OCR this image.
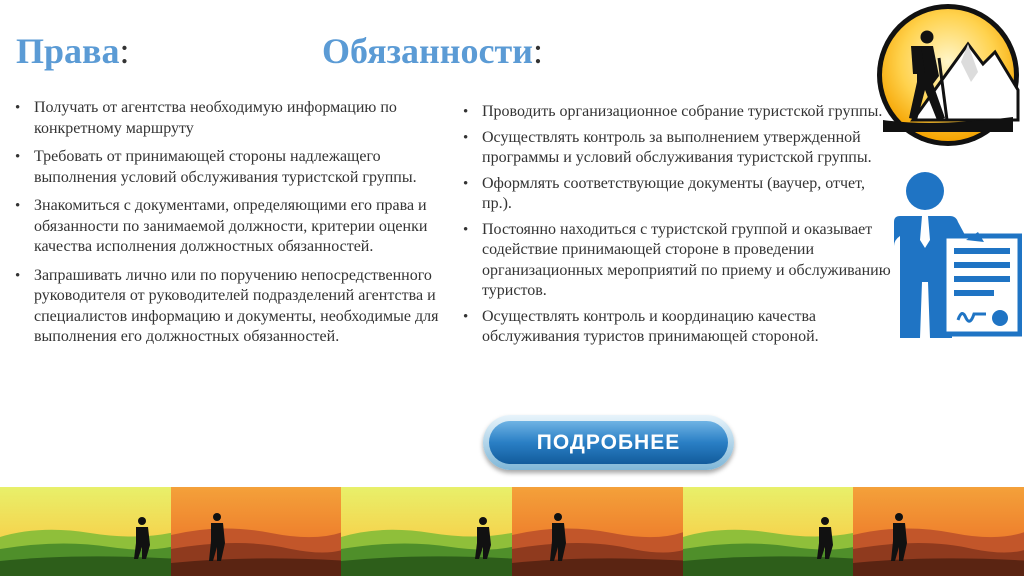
Права:	Обязанности:
• Получать от агентства необходимую информацию по конкретному маршруту
• Требовать от принимающей стороны надлежащего выполнения условий обслуживания туристской группы.
• Знакомиться с документами, определяющими его права и обязанности по занимаемой должности, критерии оценки качества исполнения должностных обязанностей.
• Запрашивать лично или по поручению непосредственного руководителя от руководителей подразделений агентства и специалистов информацию и документы, необходимые для выполнения его должностных обязанностей.
• Проводить организационное собрание туристской группы.
• Осуществлять контроль за выполнением утвержденной программы и условий обслуживания туристской группы.
• Оформлять соответствующие документы (ваучер, отчет, пр.).
• Постоянно находиться с туристской группой и оказывает содействие принимающей стороне в проведении организационных мероприятий по приему и обслуживанию туристов.
• Осуществлять контроль и координацию качества обслуживания туристов принимающей стороной.
ПОДРОБНЕЕ
